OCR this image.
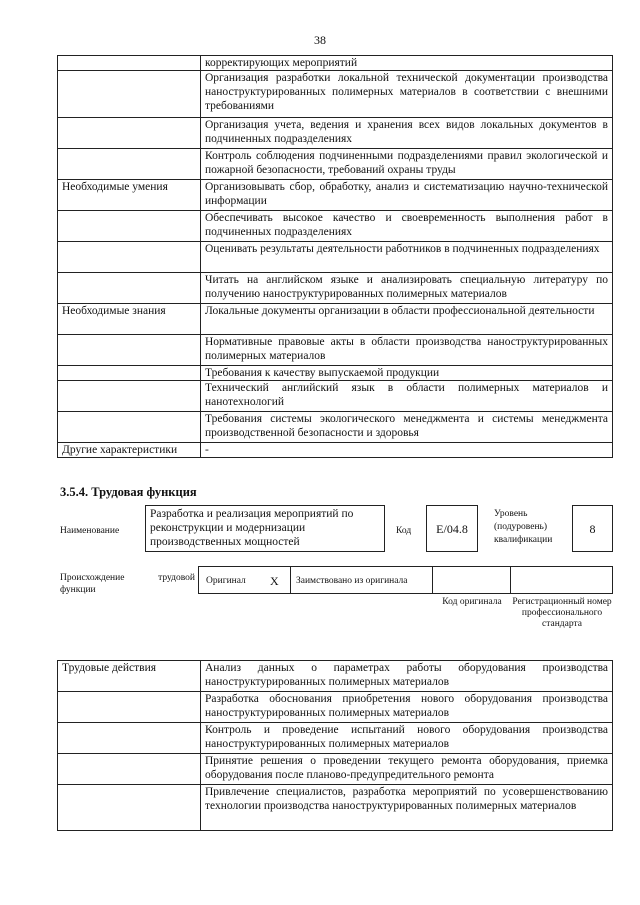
38
	корректирующих мероприятий
	Организация разработки локальной технической документации производства наноструктурированных полимерных материалов в соответствии с внешними требованиями
	Организация учета, ведения и хранения всех видов локальных документов в подчиненных подразделениях
	Контроль соблюдения подчиненными подразделениями правил экологической и пожарной безопасности, требований охраны труды
Необходимые умения	Организовывать сбор, обработку, анализ и систематизацию научно-технической информации
	Обеспечивать высокое качество и своевременность выполнения работ в подчиненных подразделениях
	Оценивать результаты деятельности работников в подчиненных подразделениях
	Читать на английском языке и анализировать специальную литературу по получению наноструктурированных полимерных материалов
Необходимые знания	Локальные документы организации в области профессиональной деятельности
	Нормативные правовые акты в области производства наноструктурированных полимерных материалов
	Требования к качеству выпускаемой продукции
	Технический английский язык в области полимерных материалов и нанотехнологий
	Требования системы экологического менеджмента и системы менеджмента производственной безопасности и здоровья
Другие характеристики	-
3.5.4. Трудовая функция
Наименование
Разработка и реализация мероприятий по реконструкции и модернизации производственных мощностей
Код	E/04.8
Уровень (подуровень) квалификации
8
Происхождение трудовой функции
Оригинал X Заимствовано из оригинала
Код оригинала	Регистрационный номер профессионального стандарта
Трудовые действия	Анализ данных о параметрах работы оборудования производства наноструктурированных полимерных материалов
	Разработка обоснования приобретения нового оборудования производства наноструктурированных полимерных материалов
	Контроль и проведение испытаний нового оборудования производства наноструктурированных полимерных материалов
	Принятие решения о проведении текущего ремонта оборудования, приемка оборудования после планово-предупредительного ремонта
	Привлечение специалистов, разработка мероприятий по усовершенствованию технологии производства наноструктурированных полимерных материалов
